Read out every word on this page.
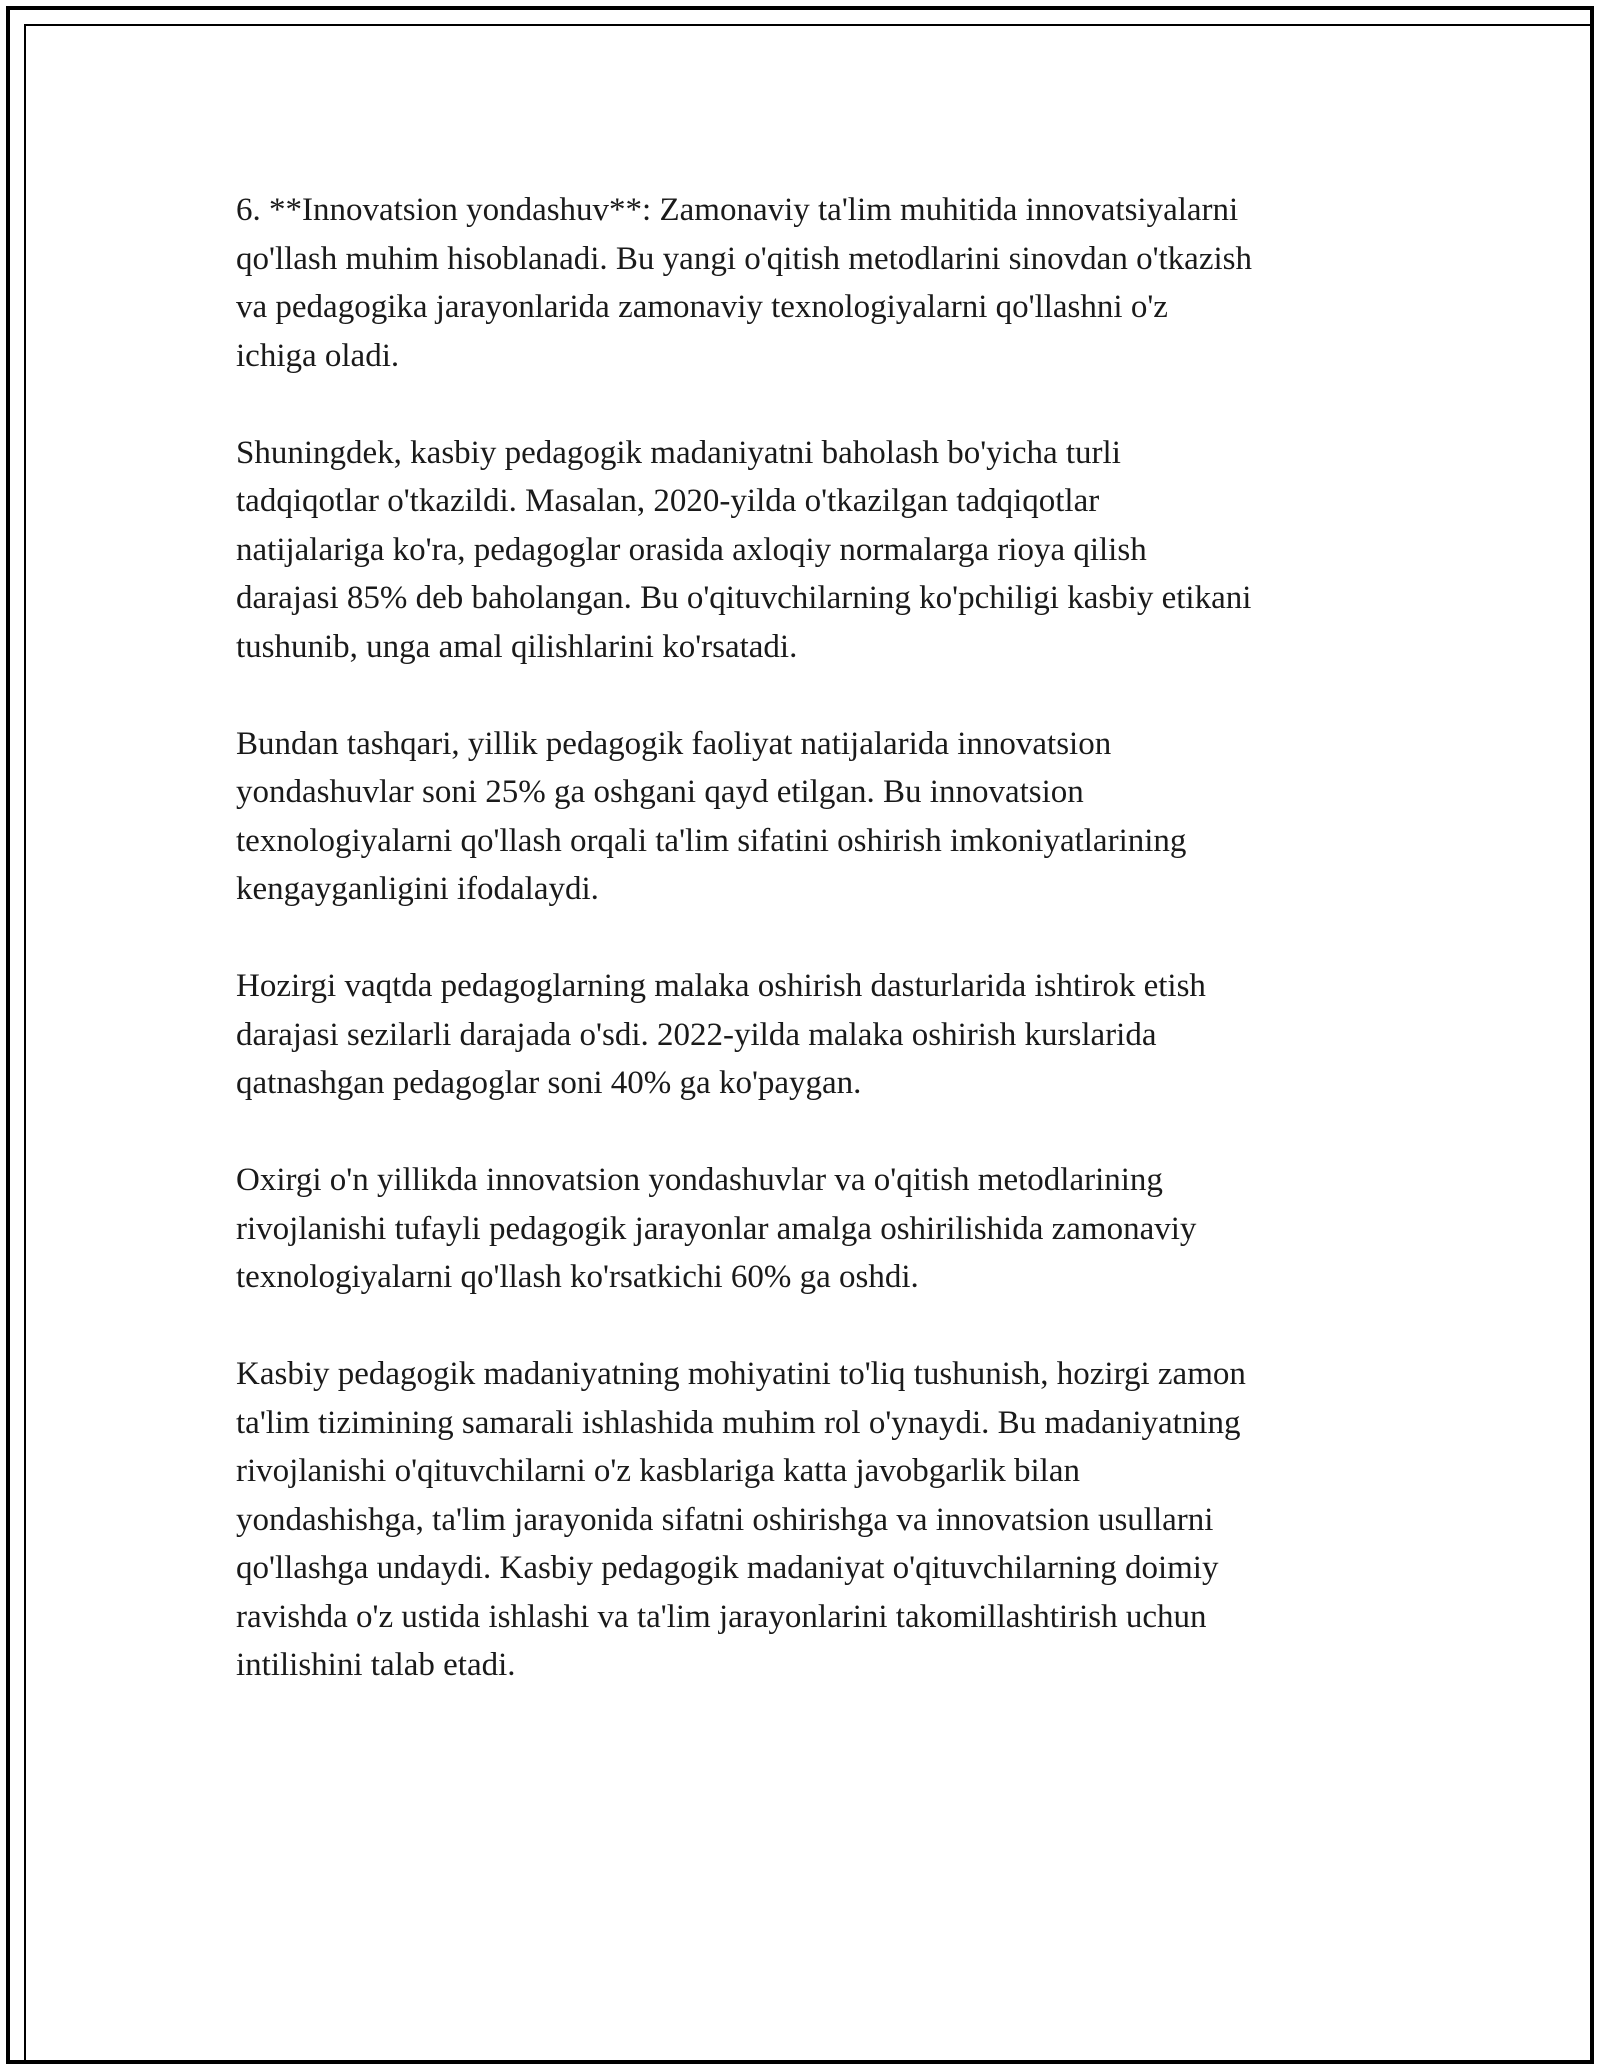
6. **Innovatsion yondashuv**: Zamonaviy ta'lim muhitida innovatsiyalarni
qo'llash muhim hisoblanadi. Bu yangi o'qitish metodlarini sinovdan o'tkazish
va pedagogika jarayonlarida zamonaviy texnologiyalarni qo'llashni o'z
ichiga oladi.

Shuningdek, kasbiy pedagogik madaniyatni baholash bo'yicha turli
tadqiqotlar o'tkazildi. Masalan, 2020-yilda o'tkazilgan tadqiqotlar
natijalariga ko'ra, pedagoglar orasida axloqiy normalarga rioya qilish
darajasi 85% deb baholangan. Bu o'qituvchilarning ko'pchiligi kasbiy etikani
tushunib, unga amal qilishlarini ko'rsatadi.

Bundan tashqari, yillik pedagogik faoliyat natijalarida innovatsion
yondashuvlar soni 25% ga oshgani qayd etilgan. Bu innovatsion
texnologiyalarni qo'llash orqali ta'lim sifatini oshirish imkoniyatlarining
kengayganligini ifodalaydi.

Hozirgi vaqtda pedagoglarning malaka oshirish dasturlarida ishtirok etish
darajasi sezilarli darajada o'sdi. 2022-yilda malaka oshirish kurslarida
qatnashgan pedagoglar soni 40% ga ko'paygan.

Oxirgi o'n yillikda innovatsion yondashuvlar va o'qitish metodlarining
rivojlanishi tufayli pedagogik jarayonlar amalga oshirilishida zamonaviy
texnologiyalarni qo'llash ko'rsatkichi 60% ga oshdi.

Kasbiy pedagogik madaniyatning mohiyatini to'liq tushunish, hozirgi zamon
ta'lim tizimining samarali ishlashida muhim rol o'ynaydi. Bu madaniyatning
rivojlanishi o'qituvchilarni o'z kasblariga katta javobgarlik bilan
yondashishga, ta'lim jarayonida sifatni oshirishga va innovatsion usullarni
qo'llashga undaydi. Kasbiy pedagogik madaniyat o'qituvchilarning doimiy
ravishda o'z ustida ishlashi va ta'lim jarayonlarini takomillashtirish uchun
intilishini talab etadi.
